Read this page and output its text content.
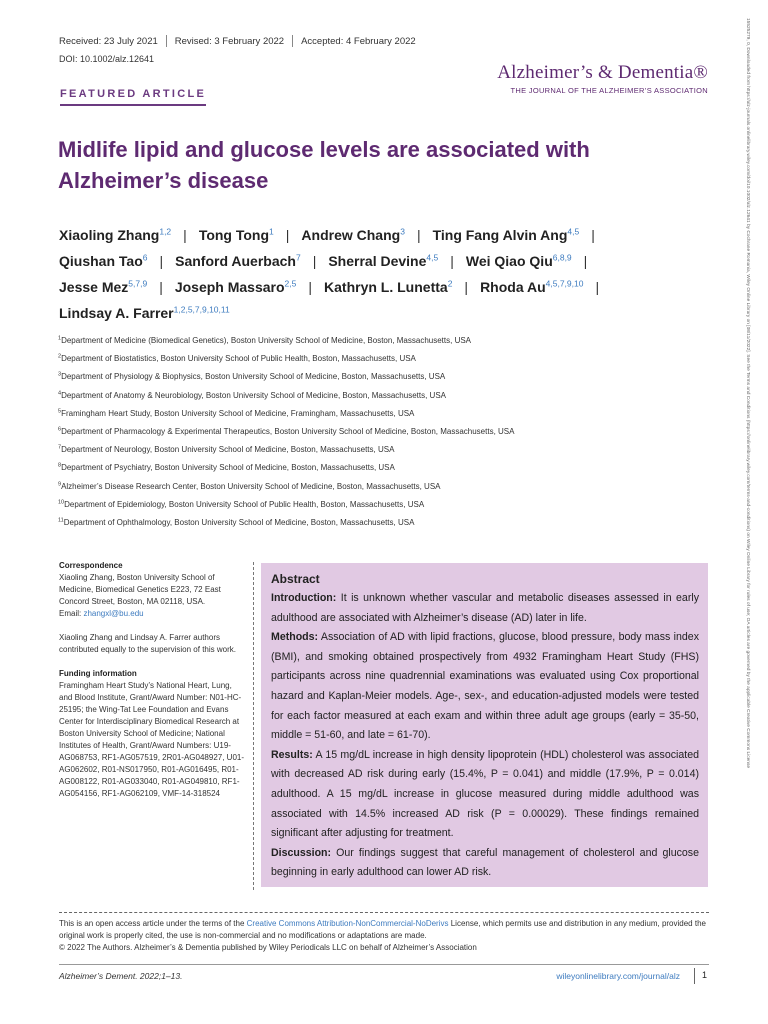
Received: 23 July 2021 Revised: 3 February 2022 Accepted: 4 February 2022
DOI: 10.1002/alz.12641
Alzheimer’s & Dementia®
THE JOURNAL OF THE ALZHEIMER’S ASSOCIATION
FEATURED ARTICLE
Midlife lipid and glucose levels are associated with Alzheimer’s disease
Xiaoling Zhang$^{1,2}$ | Tong Tong$^1$ | Andrew Chang$^3$ | Ting Fang Alvin Ang$^{4,5}$ |
Qiushan Tao$^6$ | Sanford Auerbach$^7$ | Sherral Devine$^{4,5}$ | Wei Qiao Qiu$^{6,8,9}$ |
Jesse Mez$^{5,7,9}$ | Joseph Massaro$^{2,5}$ | Kathryn L. Lunetta$^2$ | Rhoda Au$^{4,5,7,9,10}$ |
Lindsay A. Farrer$^{1,2,5,7,9,10,11}$
$^1$Department of Medicine (Biomedical Genetics), Boston University School of Medicine, Boston, Massachusetts, USA
$^2$Department of Biostatistics, Boston University School of Public Health, Boston, Massachusetts, USA
$^3$Department of Physiology & Biophysics, Boston University School of Medicine, Boston, Massachusetts, USA
$^4$Department of Anatomy & Neurobiology, Boston University School of Medicine, Boston, Massachusetts, USA
$^5$Framingham Heart Study, Boston University School of Medicine, Framingham, Massachusetts, USA
$^6$Department of Pharmacology & Experimental Therapeutics, Boston University School of Medicine, Boston, Massachusetts, USA
$^7$Department of Neurology, Boston University School of Medicine, Boston, Massachusetts, USA
$^8$Department of Psychiatry, Boston University School of Medicine, Boston, Massachusetts, USA
$^9$Alzheimer’s Disease Research Center, Boston University School of Medicine, Boston, Massachusetts, USA
$^{10}$Department of Epidemiology, Boston University School of Public Health, Boston, Massachusetts, USA
$^{11}$Department of Ophthalmology, Boston University School of Medicine, Boston, Massachusetts, USA
Correspondence
Xiaoling Zhang, Boston University School of Medicine, Biomedical Genetics E223, 72 East Concord Street, Boston, MA 02118, USA.
Email: zhangxl@bu.edu
Xiaoling Zhang and Lindsay A. Farrer authors contributed equally to the supervision of this work.
Funding information
Framingham Heart Study’s National Heart, Lung, and Blood Institute, Grant/Award Number: N01-HC-25195; the Wing-Tat Lee Foundation and Evans Center for Interdisciplinary Biomedical Research at Boston University School of Medicine; National Institutes of Health, Grant/Award Numbers: U19-AG068753, RF1-AG057519, 2R01-AG048927, U01-AG062602, R01-NS017950, R01-AG016495, R01-AG008122, R01-AG033040, R01-AG049810, RF1-AG054156, RF1-AG062109, VMF-14-318524
Abstract
Introduction: It is unknown whether vascular and metabolic diseases assessed in early adulthood are associated with Alzheimer’s disease (AD) later in life.
Methods: Association of AD with lipid fractions, glucose, blood pressure, body mass index (BMI), and smoking obtained prospectively from 4932 Framingham Heart Study (FHS) participants across nine quadrennial examinations was evaluated using Cox proportional hazard and Kaplan-Meier models. Age-, sex-, and education-adjusted models were tested for each factor measured at each exam and within three adult age groups (early = 35-50, middle = 51-60, and late = 61-70).
Results: A 15 mg/dL increase in high density lipoprotein (HDL) cholesterol was associated with decreased AD risk during early (15.4%, P = 0.041) and middle (17.9%, P = 0.014) adulthood. A 15 mg/dL increase in glucose measured during middle adulthood was associated with 14.5% increased AD risk (P = 0.00029). These findings remained significant after adjusting for treatment.
Discussion: Our findings suggest that careful management of cholesterol and glucose beginning in early adulthood can lower AD risk.
This is an open access article under the terms of the Creative Commons Attribution-NonCommercial-NoDerivs License, which permits use and distribution in any medium, provided the original work is properly cited, the use is non-commercial and no modifications or adaptations are made.
© 2022 The Authors. Alzheimer’s & Dementia published by Wiley Periodicals LLC on behalf of Alzheimer’s Association
Alzheimer’s Dement. 2022;1–13.	wileyonlinelibrary.com/journal/alz 1
15525279, 0, Downloaded from https://alz-journals.onlinelibrary.wiley.com/doi/10.1002/alz.12641 by Cochrane Romania, Wiley Online Library on [08/11/2022]. See the Terms and Conditions (https://onlinelibrary.wiley.com/terms-and-conditions) on Wiley Online Library for rules of use; OA articles are governed by the applicable Creative Commons License
